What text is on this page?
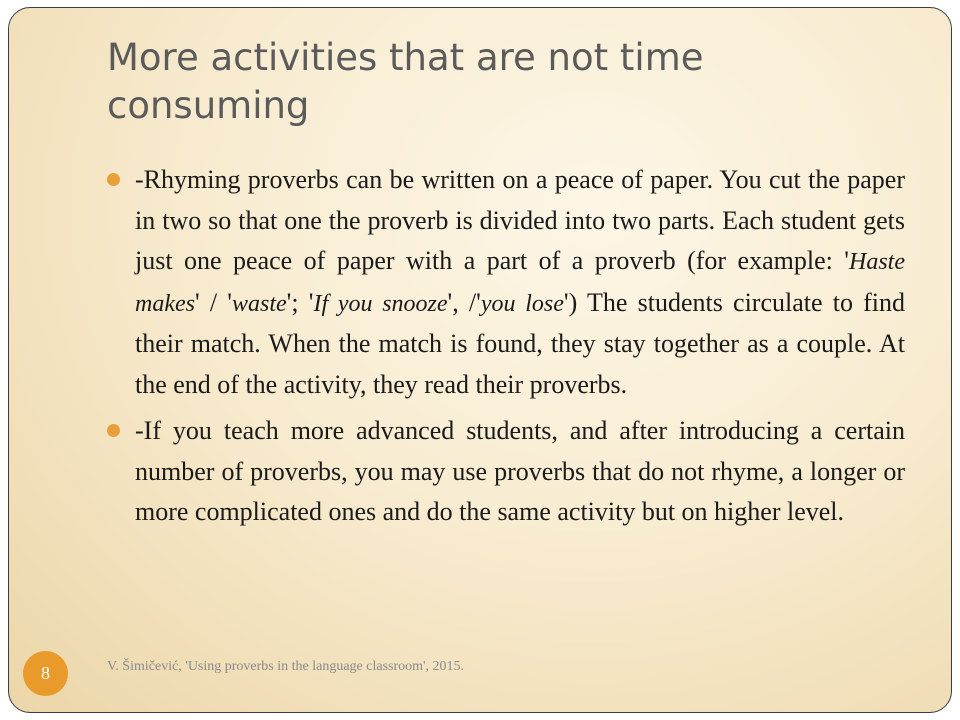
More activities that are not time consuming
-Rhyming proverbs can be written on a peace of paper. You cut the paper in two so that one the proverb is divided into two parts. Each student gets just one peace of paper with a part of a proverb (for example: 'Haste makes' / 'waste'; 'If you snooze', /'you lose') The students circulate to find their match. When the match is found, they stay together as a couple. At the end of the activity, they read their proverbs.
-If you teach more advanced students, and after introducing a certain number of proverbs, you may use proverbs that do not rhyme, a longer or more complicated ones and do the same activity but on higher level.
8	V. Šimičević, 'Using proverbs in the language classroom', 2015.
